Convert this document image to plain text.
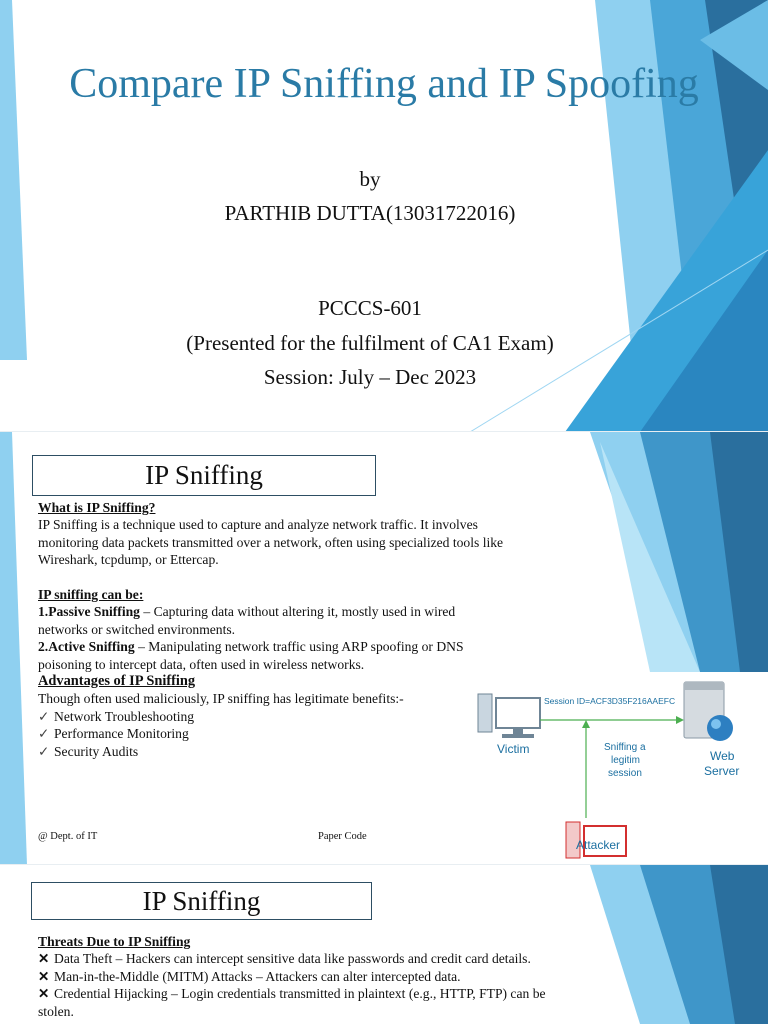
Compare IP Sniffing and IP Spoofing
by
PARTHIB DUTTA(13031722016)
PCCCS-601
(Presented for the fulfilment of CA1 Exam)
Session: July – Dec 2023
IP Sniffing
What is IP Sniffing?
IP Sniffing is a technique used to capture and analyze network traffic. It involves
monitoring data packets transmitted over a network, often using specialized tools like
Wireshark, tcpdump, or Ettercap.

IP sniffing can be:
1.Passive Sniffing – Capturing data without altering it, mostly used in wired
networks or switched environments.
2.Active Sniffing – Manipulating network traffic using ARP spoofing or DNS
poisoning to intercept data, often used in wireless networks.
Advantages of IP Sniffing
Though often used maliciously, IP sniffing has legitimate benefits:-
✓ Network Troubleshooting
✓ Performance Monitoring
✓ Security Audits
@ Dept. of IT	Paper Code
Session ID=ACF3D35F216AAEFC
Victim	Web
Server
Sniffing a
legitim
session
Attacker
IP Sniffing
Threats Due to IP Sniffing
✕ Data Theft – Hackers can intercept sensitive data like passwords and credit card details.
✕ Man-in-the-Middle (MITM) Attacks – Attackers can alter intercepted data.
✕ Credential Hijacking – Login credentials transmitted in plaintext (e.g., HTTP, FTP) can be
stolen.
